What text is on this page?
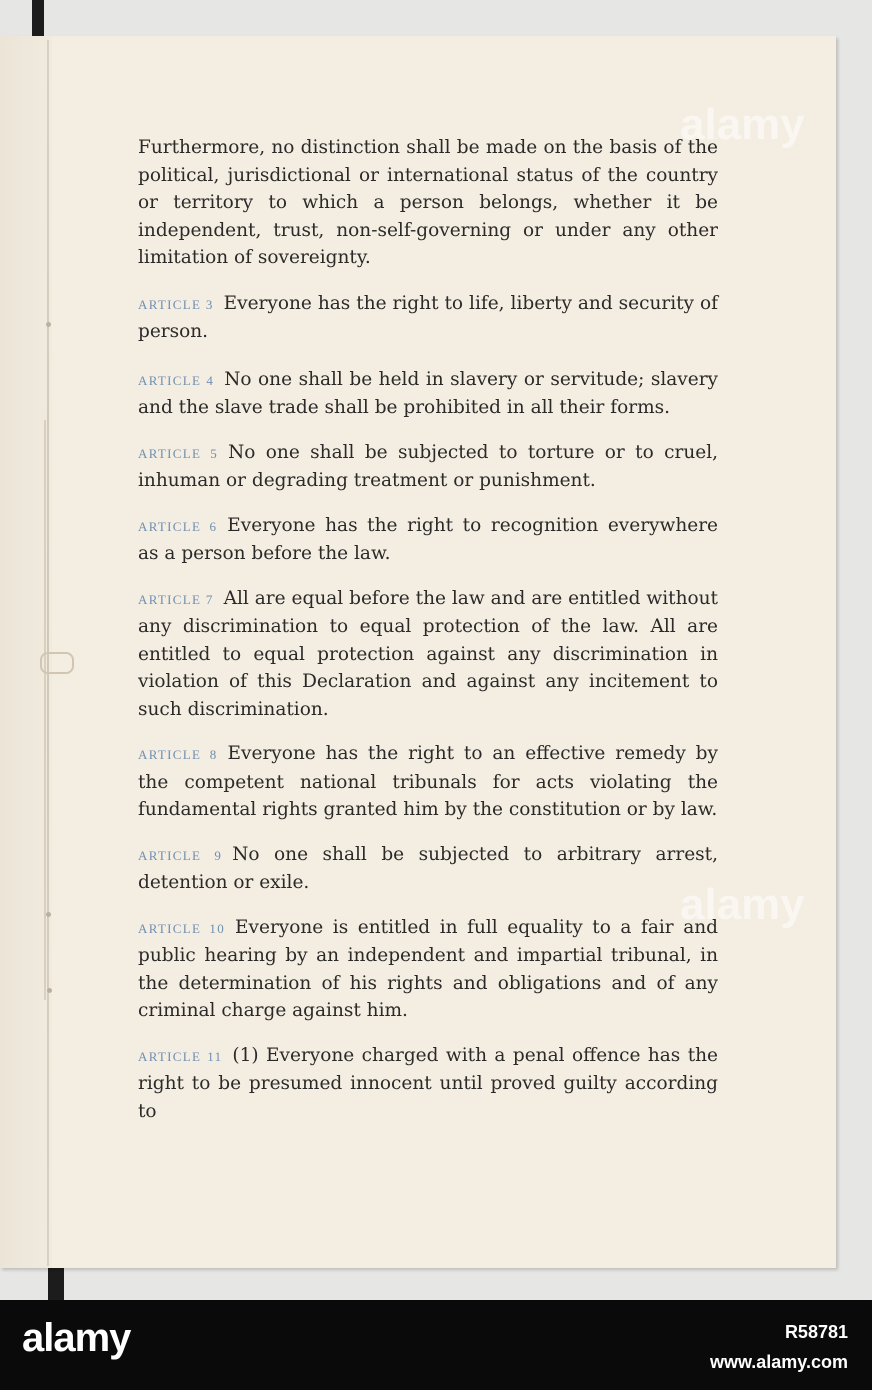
alamy
alamy

Furthermore, no distinction shall be made on the basis of the political, jurisdictional or international status of the country or territory to which a person belongs, whether it be independent, trust, non-self-governing or under any other limitation of sovereignty.

ARTICLE 3 Everyone has the right to life, liberty and security of person.

ARTICLE 4 No one shall be held in slavery or servitude; slavery and the slave trade shall be prohibited in all their forms.

ARTICLE 5 No one shall be subjected to torture or to cruel, inhuman or degrading treatment or punishment.

ARTICLE 6 Everyone has the right to recognition everywhere as a person before the law.

ARTICLE 7 All are equal before the law and are entitled without any discrimination to equal protection of the law. All are entitled to equal protection against any discrimination in violation of this Declaration and against any incitement to such discrimination.

ARTICLE 8 Everyone has the right to an effective remedy by the competent national tribunals for acts violating the fundamental rights granted him by the constitution or by law.

ARTICLE 9 No one shall be subjected to arbitrary arrest, detention or exile.

ARTICLE 10 Everyone is entitled in full equality to a fair and public hearing by an independent and impartial tribunal, in the determination of his rights and obligations and of any criminal charge against him.

ARTICLE 11 (1) Everyone charged with a penal offence has the right to be presumed innocent until proved guilty according to

alamy	R58781
www.alamy.com
